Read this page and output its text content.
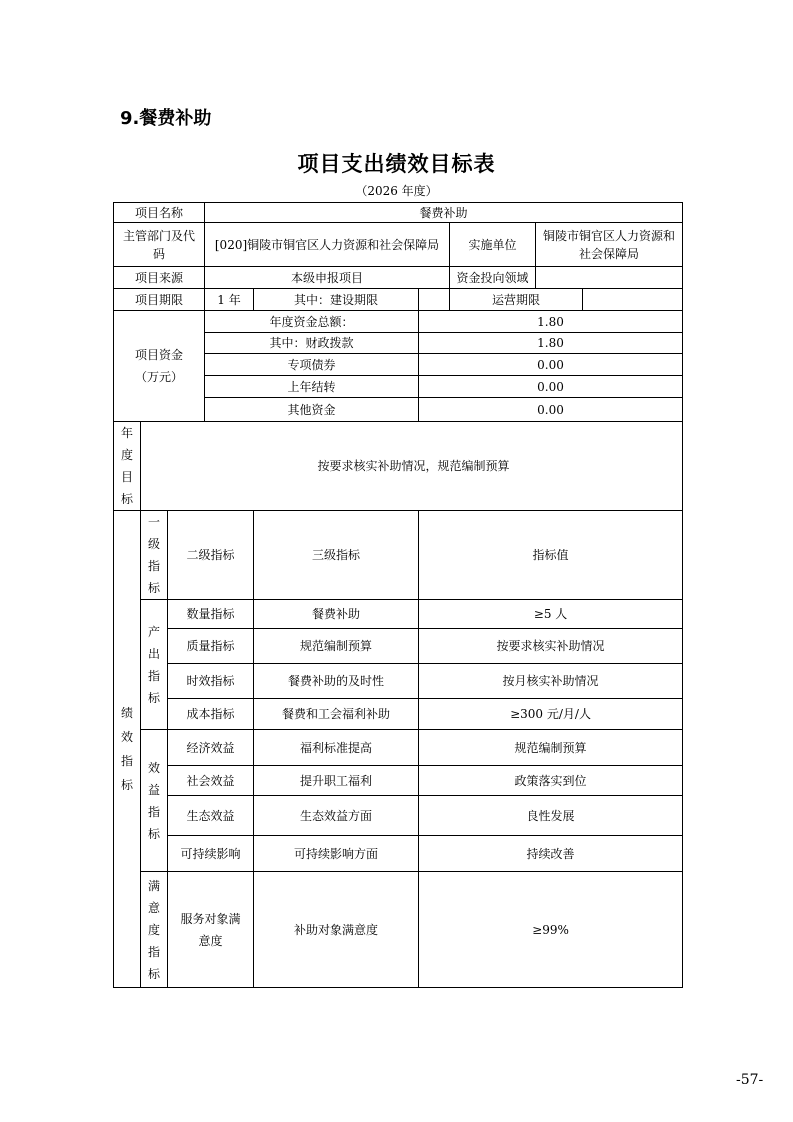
9.餐费补助
项目支出绩效目标表
（2026 年度）
项目名称			餐费补助					
主管部门及代码			[020]铜陵市铜官区人力资源和社会保障局			实施单位	铜陵市铜官区人力资源和社会保障局	
项目来源			本级申报项目			资金投向领域		
项目期限			1 年	其中：建设期限		运营期限		

项目资金（万元）			年度资金总额：		1.80			
			其中：财政拨款		1.80			
			专项债券		0.00			
			上年结转		0.00			
			其他资金		0.00			
年度目标	按要求核实补助情况，规范编制预算							
绩效指标	一级指标	二级指标		三级指标	指标值			
	产出指标	数量指标		餐费补助	≥5 人			
		质量指标		规范编制预算	按要求核实补助情况			
		时效指标		餐费补助的及时性	按月核实补助情况			
		成本指标		餐费和工会福利补助	≥300 元/月/人			
	效益指标	经济效益		福利标准提高	规范编制预算			
		社会效益		提升职工福利	政策落实到位			
		生态效益		生态效益方面	良性发展			
		可持续影响		可持续影响方面	持续改善			
	满意度指标	服务对象满意度		补助对象满意度	≥99%			
-57-
